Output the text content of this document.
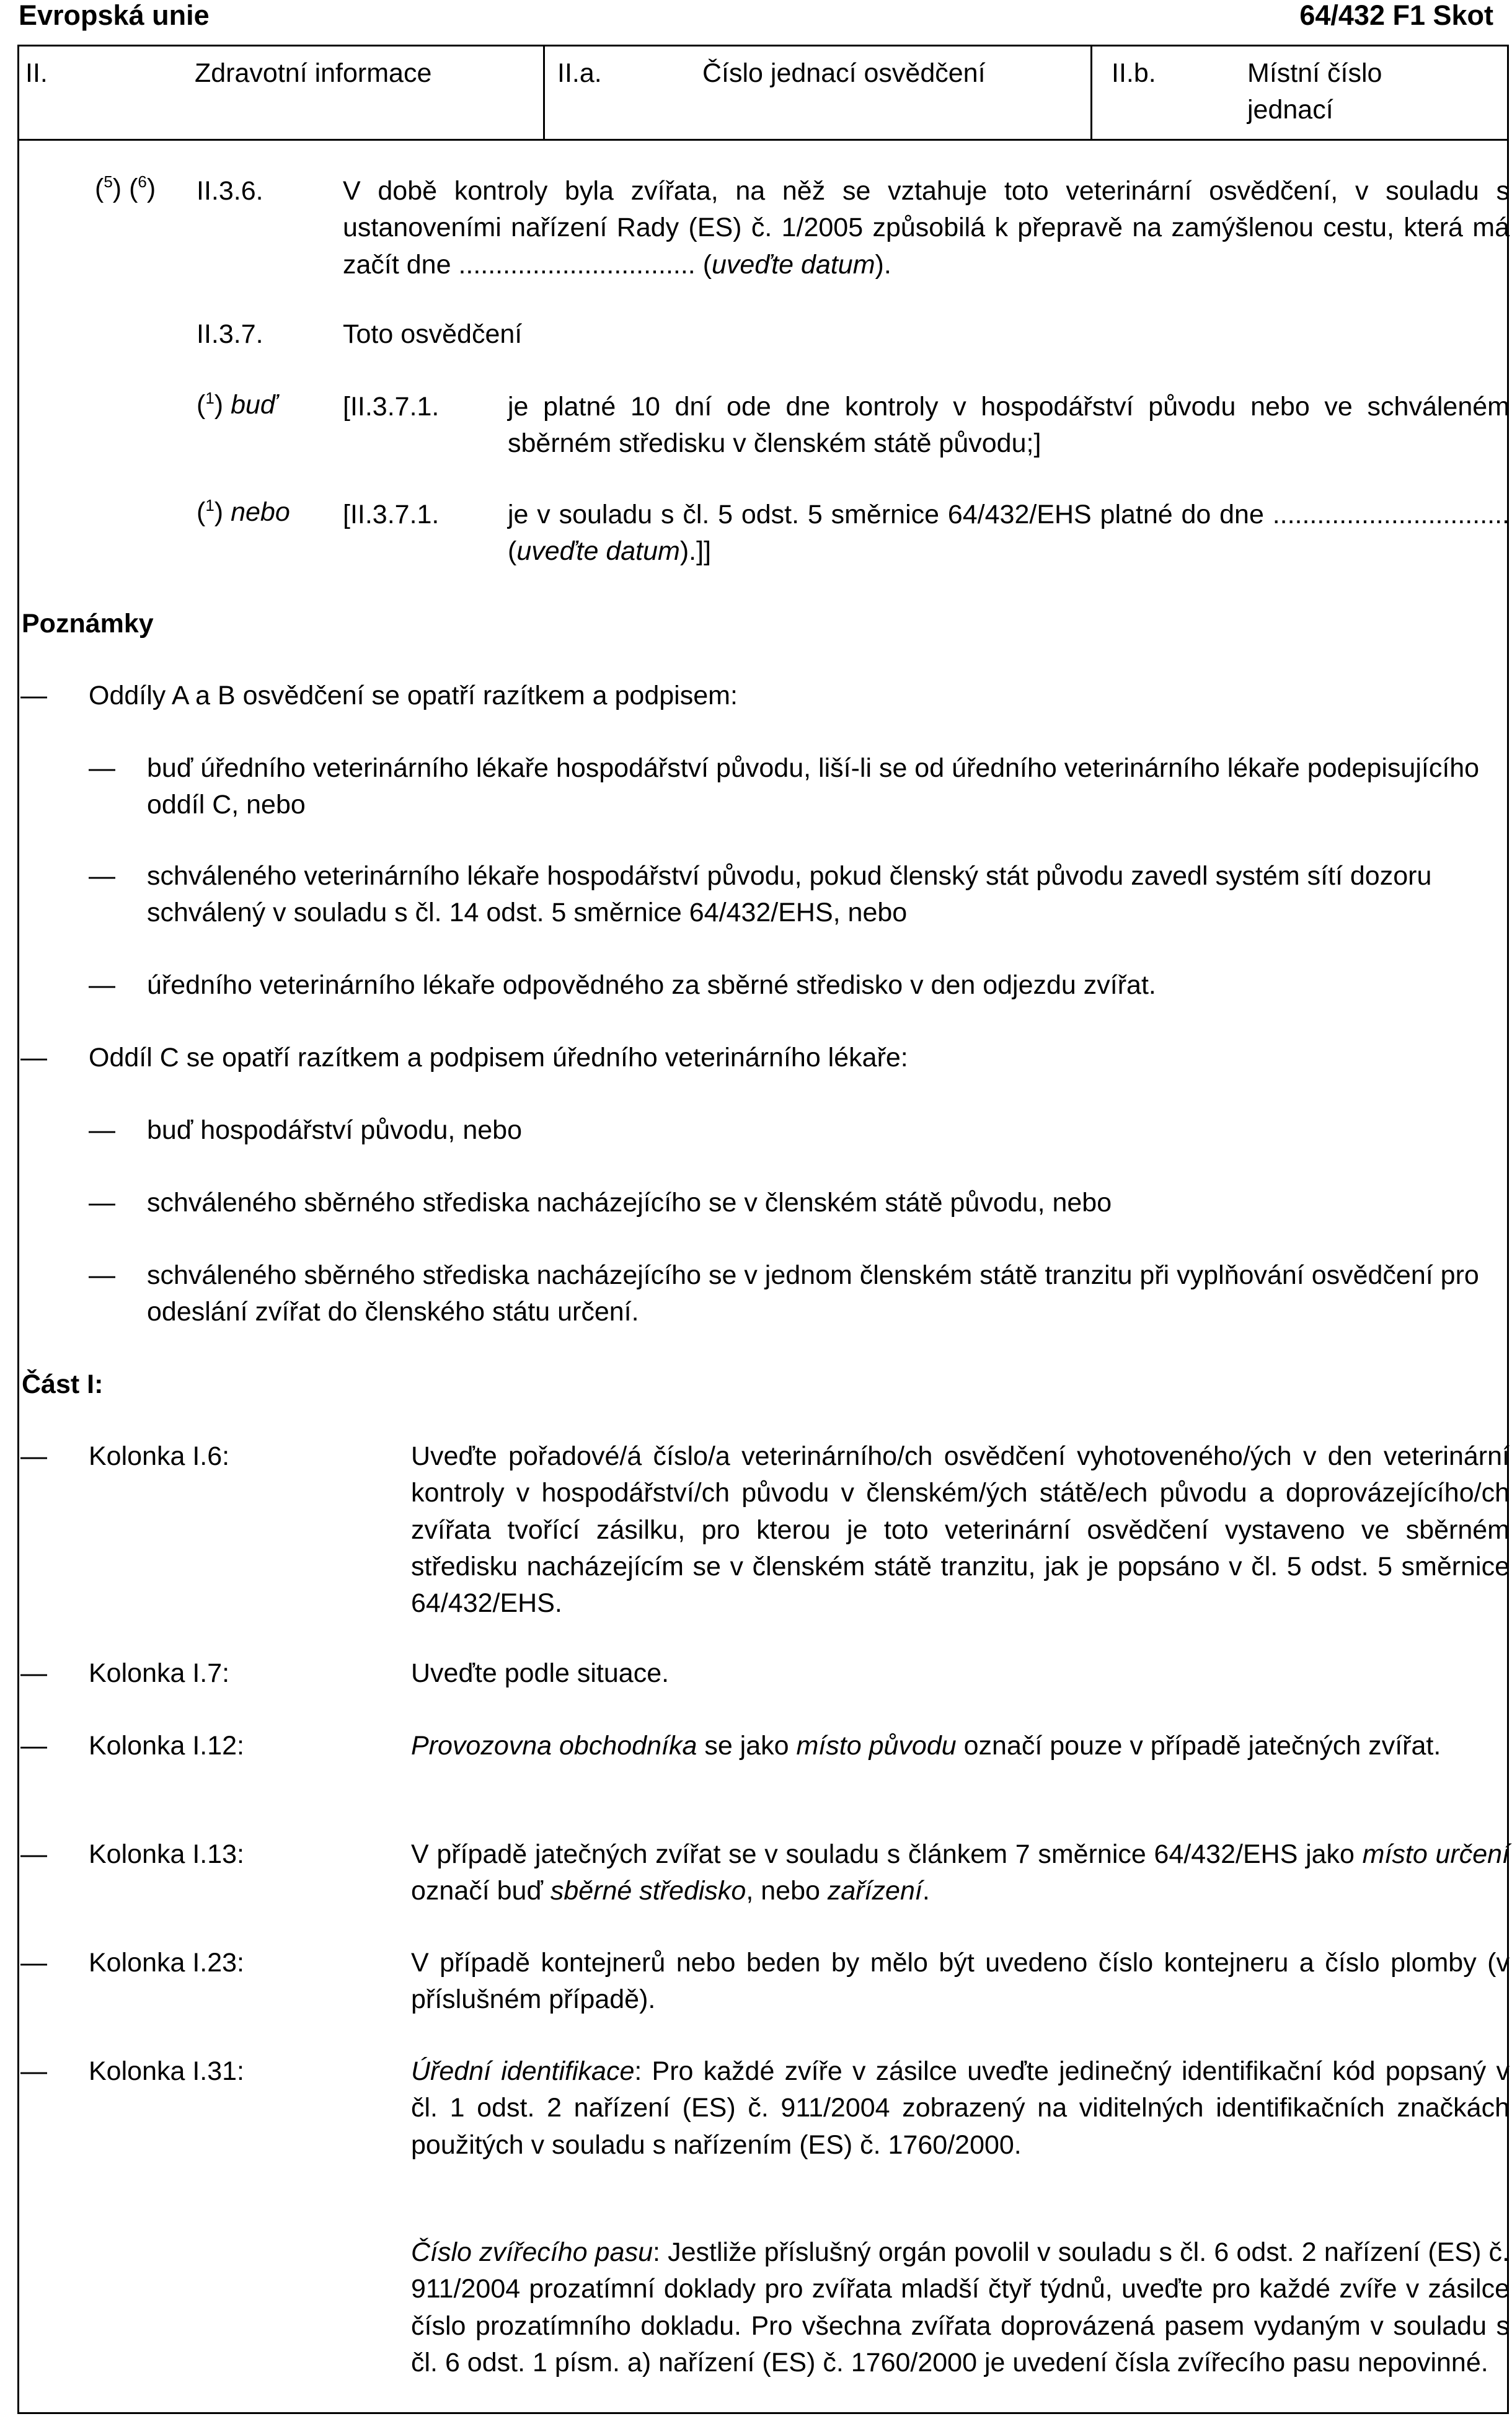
Evropská unie	64/432 F1 Skot
II.	Zdravotní informace	II.a.	Číslo jednací osvědčení	II.b.	Místní číslo
jednací
($^5$) ($^6$) II.3.6.	V době kontroly byla zvířata, na něž se vztahuje toto veterinární osvědčení, v souladu s ustanoveními nařízení Rady (ES) č. 1/2005 způsobilá k přepravě na zamýšlenou cestu, která má začít dne ................................ (uveďte datum).
II.3.7.	Toto osvědčení
($^1$) buď [II.3.7.1.	je platné 10 dní ode dne kontroly v hospodářství původu nebo ve schváleném sběrném středisku v členském státě původu;]
($^1$) nebo [II.3.7.1.	je v souladu s čl. 5 odst. 5 směrnice 64/432/EHS platné do dne ................................ (uveďte datum).]]
Poznámky
— Oddíly A a B osvědčení se opatří razítkem a podpisem:
— buď úředního veterinárního lékaře hospodářství původu, liší-li se od úředního veterinárního lékaře podepisujícího oddíl C, nebo
— schváleného veterinárního lékaře hospodářství původu, pokud členský stát původu zavedl systém sítí dozoru schválený v souladu s čl. 14 odst. 5 směrnice 64/432/EHS, nebo
— úředního veterinárního lékaře odpovědného za sběrné středisko v den odjezdu zvířat.
— Oddíl C se opatří razítkem a podpisem úředního veterinárního lékaře:
— buď hospodářství původu, nebo
— schváleného sběrného střediska nacházejícího se v členském státě původu, nebo
— schváleného sběrného střediska nacházejícího se v jednom členském státě tranzitu při vyplňování osvědčení pro odeslání zvířat do členského státu určení.
Část I:
— Kolonka I.6:	Uveďte pořadové/á číslo/a veterinárního/ch osvědčení vyhotoveného/ých v den veterinární kontroly v hospodářství/ch původu v členském/ých státě/ech původu a doprovázejícího/ch zvířata tvořící zásilku, pro kterou je toto veterinární osvědčení vystaveno ve sběrném středisku nacházejícím se v členském státě tranzitu, jak je popsáno v čl. 5 odst. 5 směrnice 64/432/EHS.
— Kolonka I.7:	Uveďte podle situace.
— Kolonka I.12:	Provozovna obchodníka se jako místo původu označí pouze v případě jatečných zvířat.
— Kolonka I.13:	V případě jatečných zvířat se v souladu s článkem 7 směrnice 64/432/EHS jako místo určení označí buď sběrné středisko, nebo zařízení.
— Kolonka I.23:	V případě kontejnerů nebo beden by mělo být uvedeno číslo kontejneru a číslo plomby (v příslušném případě).
— Kolonka I.31:	Úřední identifikace: Pro každé zvíře v zásilce uveďte jedinečný identifikační kód popsaný v čl. 1 odst. 2 nařízení (ES) č. 911/2004 zobrazený na viditelných identifikačních značkách použitých v souladu s nařízením (ES) č. 1760/2000.
Číslo zvířecího pasu: Jestliže příslušný orgán povolil v souladu s čl. 6 odst. 2 nařízení (ES) č. 911/2004 prozatímní doklady pro zvířata mladší čtyř týdnů, uveďte pro každé zvíře v zásilce číslo prozatímního dokladu. Pro všechna zvířata doprovázená pasem vydaným v souladu s čl. 6 odst. 1 písm. a) nařízení (ES) č. 1760/2000 je uvedení čísla zvířecího pasu nepovinné.
